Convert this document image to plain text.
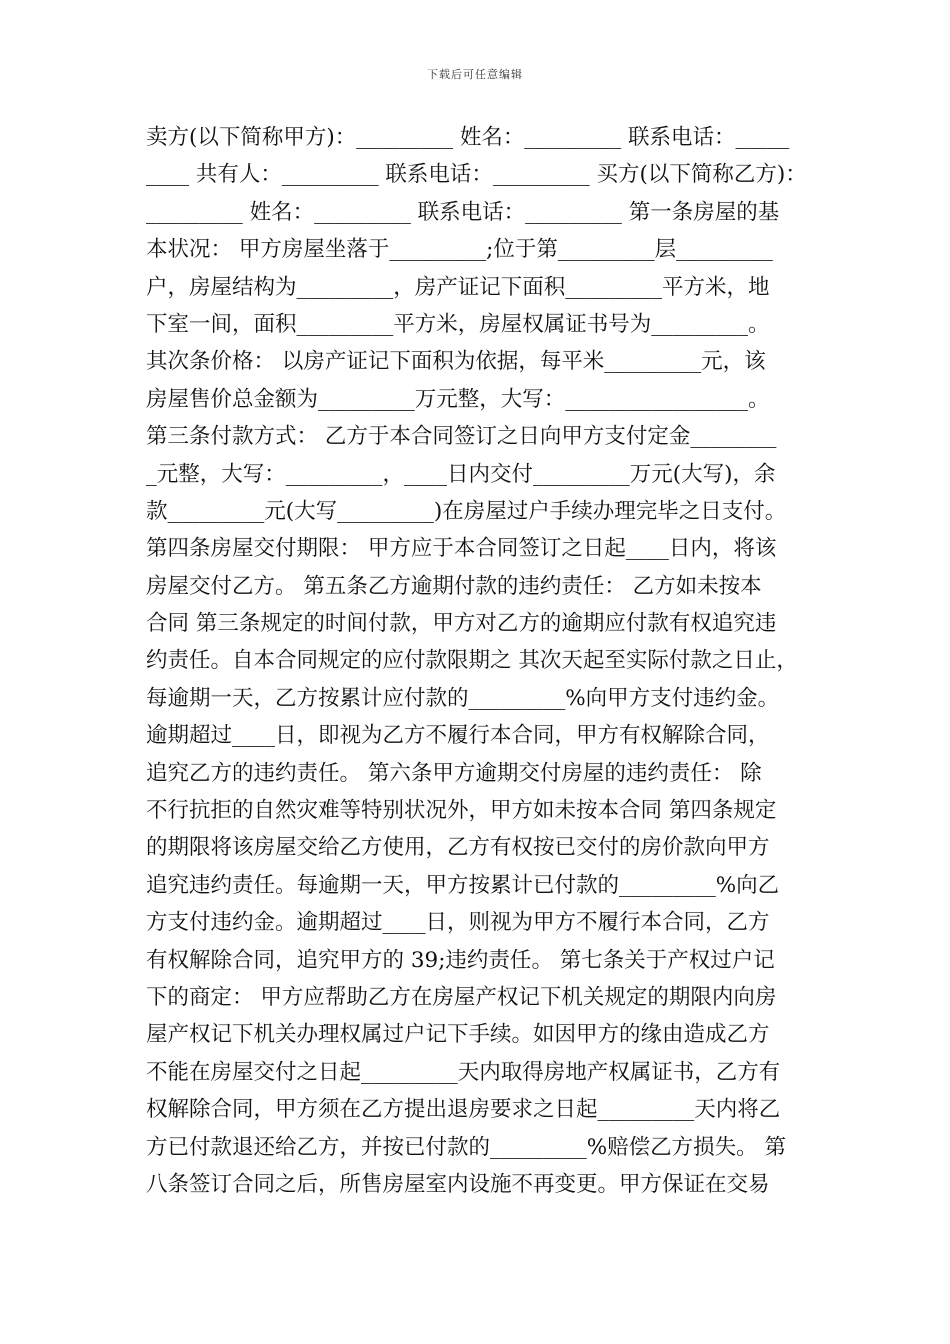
下载后可任意编辑
卖方(以下简称甲方)：_________ 姓名：_________ 联系电话：_____
____ 共有人：_________ 联系电话：_________ 买方(以下简称乙方)：
_________ 姓名：_________ 联系电话：_________ 第一条房屋的基
本状况： 甲方房屋坐落于_________;位于第_________层_________
户，房屋结构为_________，房产证记下面积_________平方米，地
下室一间，面积_________平方米，房屋权属证书号为_________。
其次条价格： 以房产证记下面积为依据，每平米_________元，该
房屋售价总金额为_________万元整，大写：_________________。
第三条付款方式： 乙方于本合同签订之日向甲方支付定金________
_元整，大写：_________，____日内交付_________万元(大写)，余
款_________元(大写_________)在房屋过户手续办理完毕之日支付。
第四条房屋交付期限： 甲方应于本合同签订之日起____日内，将该
房屋交付乙方。 第五条乙方逾期付款的违约责任： 乙方如未按本
合同 第三条规定的时间付款，甲方对乙方的逾期应付款有权追究违
约责任。自本合同规定的应付款限期之 其次天起至实际付款之日止，
每逾期一天，乙方按累计应付款的_________%向甲方支付违约金。
逾期超过____日，即视为乙方不履行本合同，甲方有权解除合同，
追究乙方的违约责任。 第六条甲方逾期交付房屋的违约责任： 除
不行抗拒的自然灾难等特别状况外，甲方如未按本合同 第四条规定
的期限将该房屋交给乙方使用，乙方有权按已交付的房价款向甲方
追究违约责任。每逾期一天，甲方按累计已付款的_________%向乙
方支付违约金。逾期超过____日，则视为甲方不履行本合同，乙方
有权解除合同，追究甲方的 39;违约责任。 第七条关于产权过户记
下的商定： 甲方应帮助乙方在房屋产权记下机关规定的期限内向房
屋产权记下机关办理权属过户记下手续。如因甲方的缘由造成乙方
不能在房屋交付之日起_________天内取得房地产权属证书，乙方有
权解除合同，甲方须在乙方提出退房要求之日起_________天内将乙
方已付款退还给乙方，并按已付款的_________%赔偿乙方损失。 第
八条签订合同之后，所售房屋室内设施不再变更。甲方保证在交易
